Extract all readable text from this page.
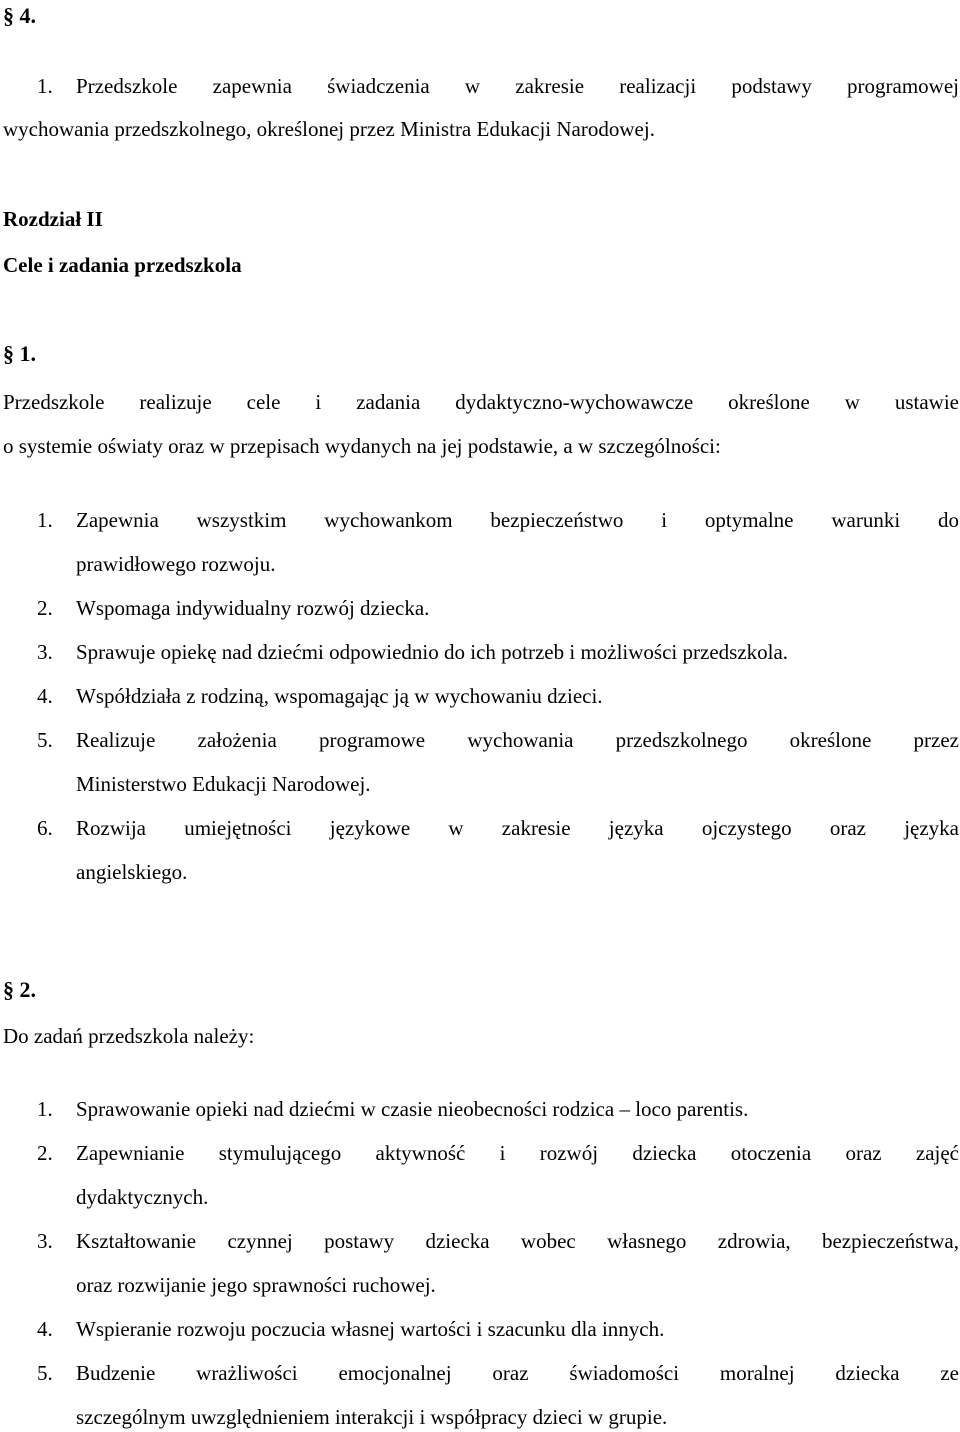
§ 4.
1. Przedszkole zapewnia świadczenia w zakresie realizacji podstawy programowej
wychowania przedszkolnego, określonej przez Ministra Edukacji Narodowej.
Rozdział II
Cele i zadania przedszkola
§ 1.
Przedszkole realizuje cele i zadania dydaktyczno-wychowawcze określone w ustawie
o systemie oświaty oraz w przepisach wydanych na jej podstawie, a w szczególności:
1. Zapewnia wszystkim wychowankom bezpieczeństwo i optymalne warunki do
prawidłowego rozwoju.
2. Wspomaga indywidualny rozwój dziecka.
3. Sprawuje opiekę nad dziećmi odpowiednio do ich potrzeb i możliwości przedszkola.
4. Współdziała z rodziną, wspomagając ją w wychowaniu dzieci.
5. Realizuje założenia programowe wychowania przedszkolnego określone przez
Ministerstwo Edukacji Narodowej.
6. Rozwija umiejętności językowe w zakresie języka ojczystego oraz języka
angielskiego.
§ 2.
Do zadań przedszkola należy:
1. Sprawowanie opieki nad dziećmi w czasie nieobecności rodzica – loco parentis.
2. Zapewnianie stymulującego aktywność i rozwój dziecka otoczenia oraz zajęć
dydaktycznych.
3. Kształtowanie czynnej postawy dziecka wobec własnego zdrowia, bezpieczeństwa,
oraz rozwijanie jego sprawności ruchowej.
4. Wspieranie rozwoju poczucia własnej wartości i szacunku dla innych.
5. Budzenie wrażliwości emocjonalnej oraz świadomości moralnej dziecka ze
szczególnym uwzględnieniem interakcji i współpracy dzieci w grupie.
